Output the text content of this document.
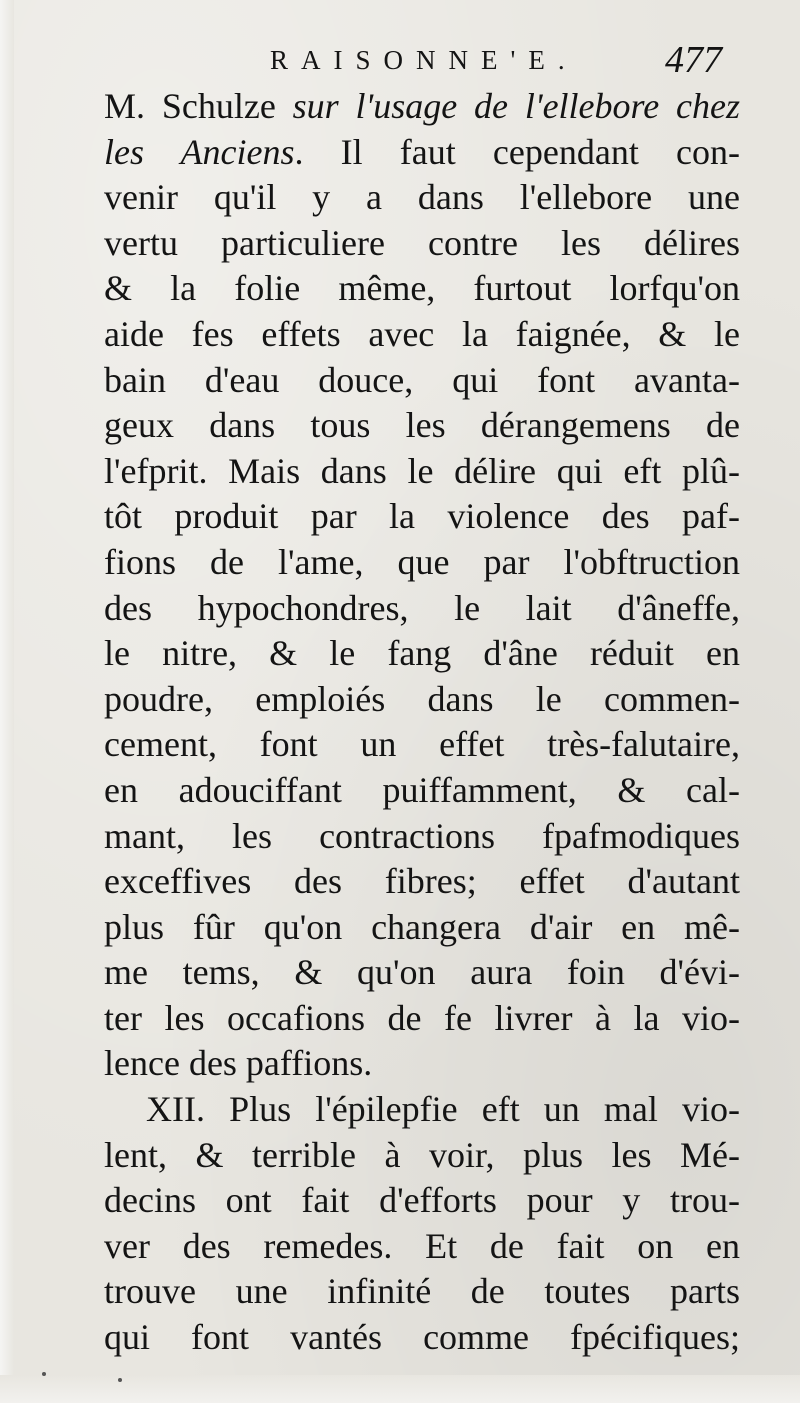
RAISONNE'E. 477
M. Schulze sur l'usage de l'ellebore chez
les Anciens. Il faut cependant con-
venir qu'il y a dans l'ellebore une
vertu particuliere contre les délires
& la folie même, furtout lorfqu'on
aide fes effets avec la faignée, & le
bain d'eau douce, qui font avanta-
geux dans tous les dérangemens de
l'efprit. Mais dans le délire qui eft plû-
tôt produit par la violence des paf-
fions de l'ame, que par l'obftruction
des hypochondres, le lait d'âneffe,
le nitre, & le fang d'âne réduit en
poudre, emploiés dans le commen-
cement, font un effet très-falutaire,
en adouciffant puiffamment, & cal-
mant, les contractions fpafmodiques
exceffives des fibres; effet d'autant
plus fûr qu'on changera d'air en mê-
me tems, & qu'on aura foin d'évi-
ter les occafions de fe livrer à la vio-
lence des paffions.
XII. Plus l'épilepfie eft un mal vio-
lent, & terrible à voir, plus les Mé-
decins ont fait d'efforts pour y trou-
ver des remedes. Et de fait on en
trouve une infinité de toutes parts
qui font vantés comme fpécifiques;
